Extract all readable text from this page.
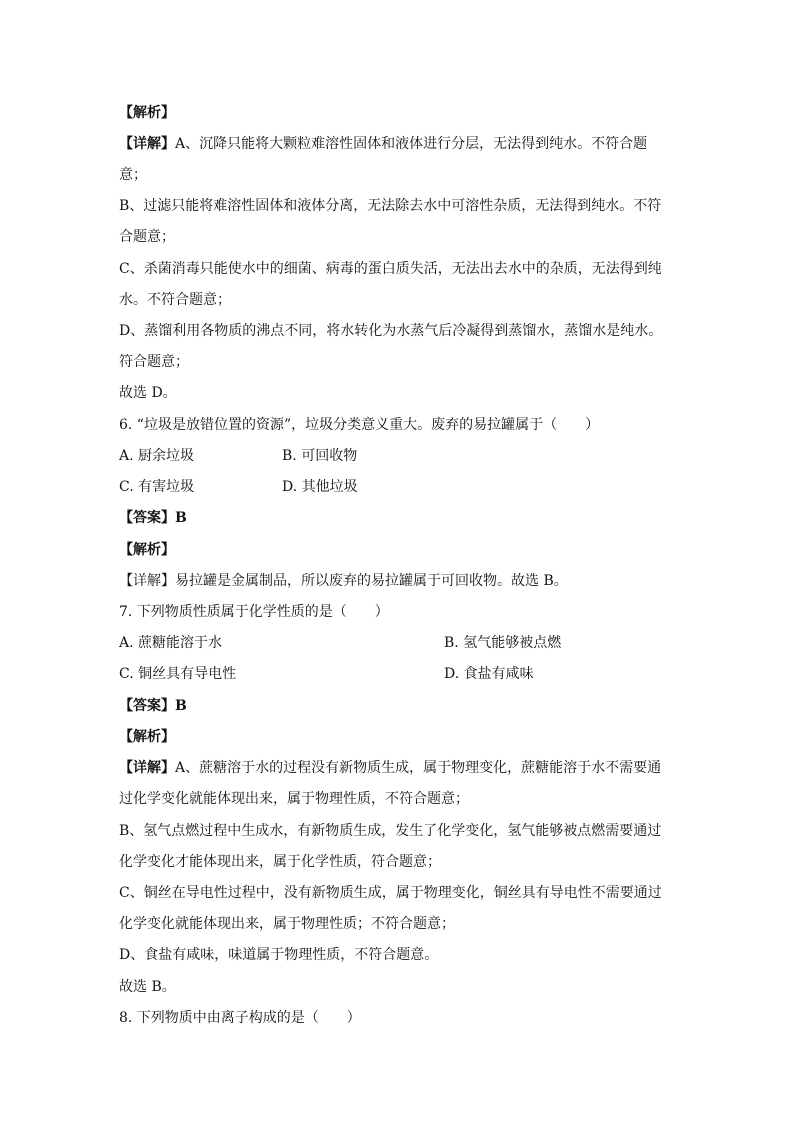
【解析】
【详解】A、沉降只能将大颗粒难溶性固体和液体进行分层，无法得到纯水。不符合题
意；
B、过滤只能将难溶性固体和液体分离，无法除去水中可溶性杂质，无法得到纯水。不符
合题意；
C、杀菌消毒只能使水中的细菌、病毒的蛋白质失活，无法出去水中的杂质，无法得到纯
水。不符合题意；
D、蒸馏利用各物质的沸点不同，将水转化为水蒸气后冷凝得到蒸馏水，蒸馏水是纯水。
符合题意；
故选 D。
6. “垃圾是放错位置的资源”，垃圾分类意义重大。废弃的易拉罐属于（　　）
A. 厨余垃圾	B. 可回收物
C. 有害垃圾	D. 其他垃圾
【答案】B
【解析】
【详解】易拉罐是金属制品，所以废弃的易拉罐属于可回收物。故选 B。
7. 下列物质性质属于化学性质的是（　　）
A. 蔗糖能溶于水	B. 氢气能够被点燃
C. 铜丝具有导电性	D. 食盐有咸味
【答案】B
【解析】
【详解】A、蔗糖溶于水的过程没有新物质生成，属于物理变化，蔗糖能溶于水不需要通
过化学变化就能体现出来，属于物理性质，不符合题意；
B、氢气点燃过程中生成水，有新物质生成，发生了化学变化，氢气能够被点燃需要通过
化学变化才能体现出来，属于化学性质，符合题意；
C、铜丝在导电性过程中，没有新物质生成，属于物理变化，铜丝具有导电性不需要通过
化学变化就能体现出来，属于物理性质；不符合题意；
D、食盐有咸味，味道属于物理性质，不符合题意。
故选 B。
8. 下列物质中由离子构成的是（　　）
